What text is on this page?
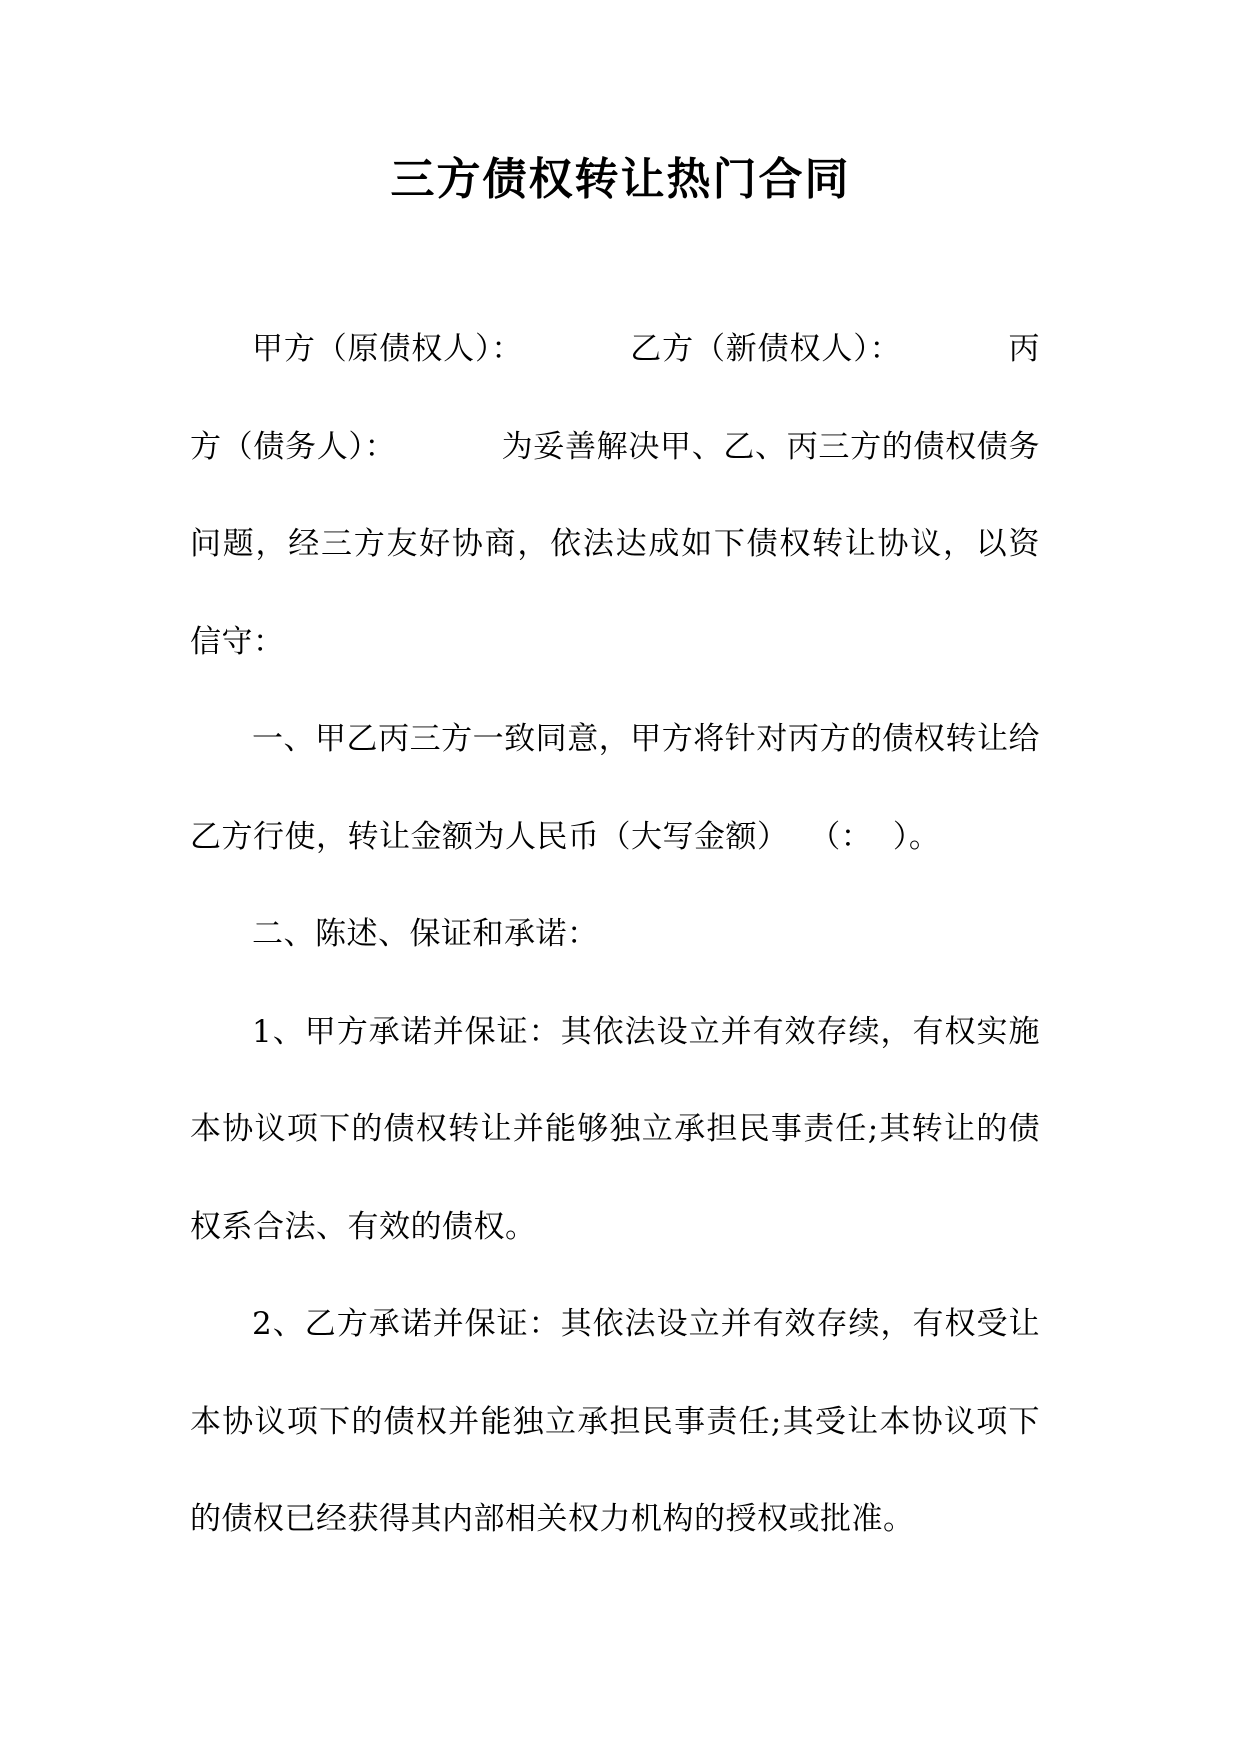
三方债权转让热门合同

甲方（原债权人）：          乙方（新债权人）：          丙方（债务人）：          为妥善解决甲、乙、丙三方的债权债务问题，经三方友好协商，依法达成如下债权转让协议，以资信守：

一、甲乙丙三方一致同意，甲方将针对丙方的债权转让给乙方行使，转让金额为人民币（大写金额）  （：  ）。

二、陈述、保证和承诺：

1、甲方承诺并保证：其依法设立并有效存续，有权实施本协议项下的债权转让并能够独立承担民事责任;其转让的债权系合法、有效的债权。

2、乙方承诺并保证：其依法设立并有效存续，有权受让本协议项下的债权并能独立承担民事责任;其受让本协议项下的债权已经获得其内部相关权力机构的授权或批准。
